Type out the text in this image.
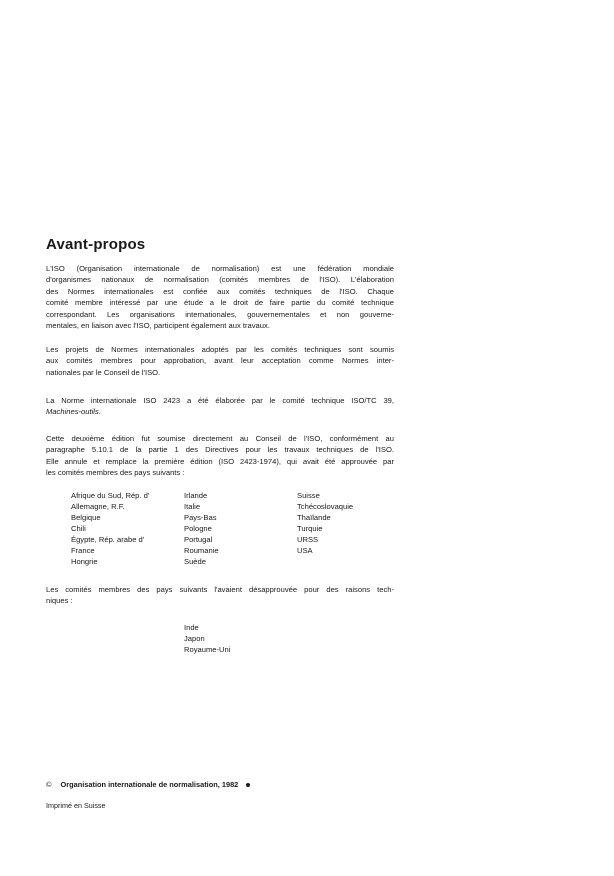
Avant-propos

L'ISO (Organisation internationale de normalisation) est une fédération mondiale
d'organismes nationaux de normalisation (comités membres de l'ISO). L'élaboration
des Normes internationales est confiée aux comités techniques de l'ISO. Chaque
comité membre intéressé par une étude a le droit de faire partie du comité technique
correspondant. Les organisations internationales, gouvernementales et non gouverne-
mentales, en liaison avec l'ISO, participent également aux travaux.

Les projets de Normes internationales adoptés par les comités techniques sont soumis
aux comités membres pour approbation, avant leur acceptation comme Normes inter-
nationales par le Conseil de l'ISO.

La Norme internationale ISO 2423 a été élaborée par le comité technique ISO/TC 39,
Machines-outils.

Cette deuxième édition fut soumise directement au Conseil de l'ISO, conformément au
paragraphe 5.10.1 de la partie 1 des Directives pour les travaux techniques de l'ISO.
Elle annule et remplace la première édition (ISO 2423-1974), qui avait été approuvée par
les comités membres des pays suivants :

Afrique du Sud, Rép. d'
Allemagne, R.F.
Belgique
Chili
Égypte, Rép. arabe d'
France
Hongrie
Irlande
Italie
Pays-Bas
Pologne
Portugal
Roumanie
Suède
Suisse
Tchécoslovaquie
Thaïlande
Turquie
URSS
USA

Les comités membres des pays suivants l'avaient désapprouvée pour des raisons tech-
niques :

Inde
Japon
Royaume-Uni
© Organisation internationale de normalisation, 1982
Imprimé en Suisse
